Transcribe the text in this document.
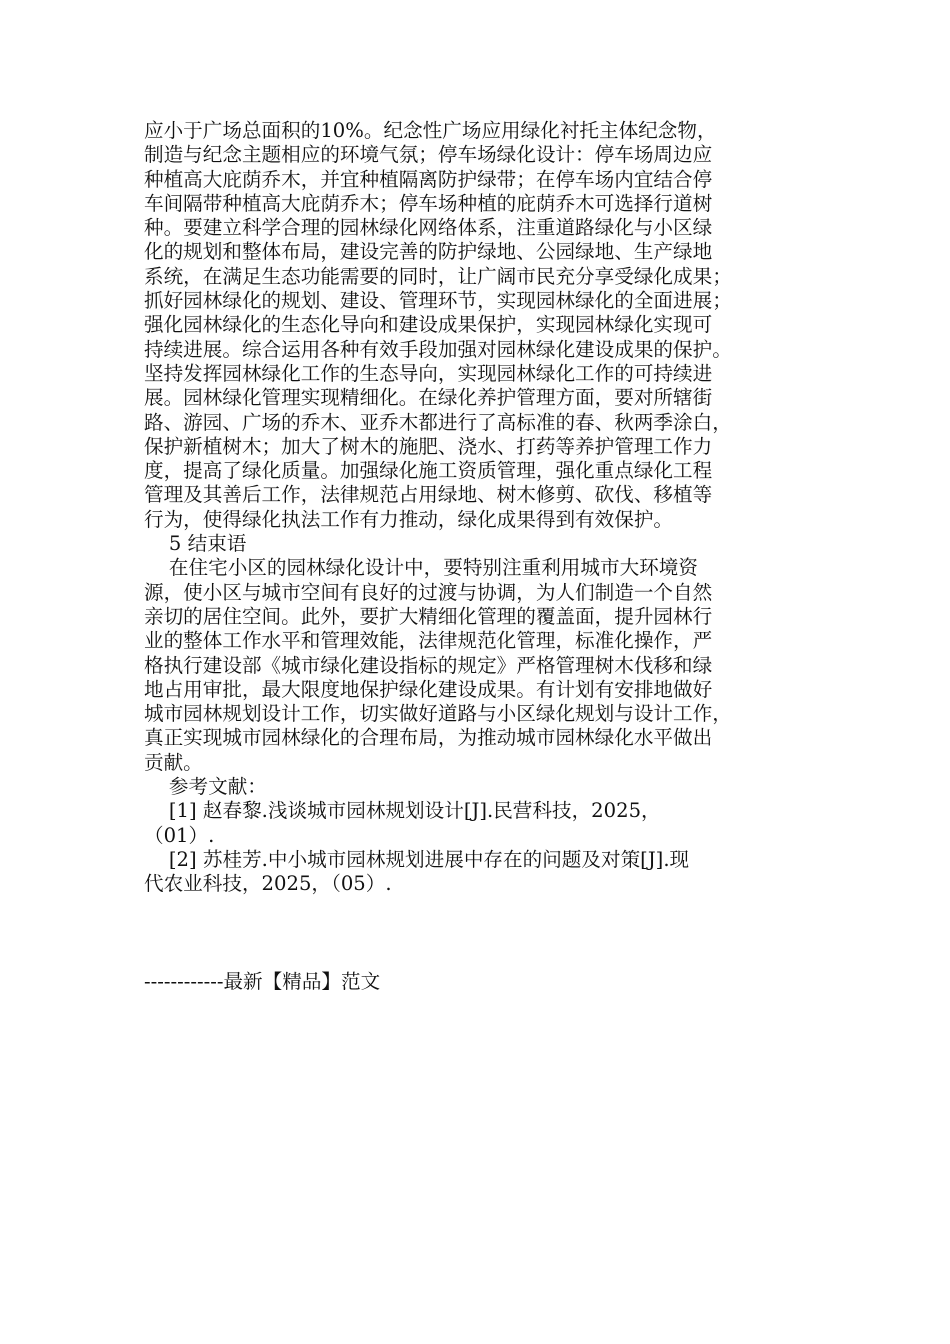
应小于广场总面积的10%。纪念性广场应用绿化衬托主体纪念物，
制造与纪念主题相应的环境气氛；停车场绿化设计：停车场周边应
种植高大庇荫乔木，并宜种植隔离防护绿带；在停车场内宜结合停
车间隔带种植高大庇荫乔木；停车场种植的庇荫乔木可选择行道树
种。要建立科学合理的园林绿化网络体系，注重道路绿化与小区绿
化的规划和整体布局，建设完善的防护绿地、公园绿地、生产绿地
系统，在满足生态功能需要的同时，让广阔市民充分享受绿化成果；
抓好园林绿化的规划、建设、管理环节，实现园林绿化的全面进展；
强化园林绿化的生态化导向和建设成果保护，实现园林绿化实现可
持续进展。综合运用各种有效手段加强对园林绿化建设成果的保护。
坚持发挥园林绿化工作的生态导向，实现园林绿化工作的可持续进
展。园林绿化管理实现精细化。在绿化养护管理方面，要对所辖街
路、游园、广场的乔木、亚乔木都进行了高标准的春、秋两季涂白，
保护新植树木；加大了树木的施肥、浇水、打药等养护管理工作力
度，提高了绿化质量。加强绿化施工资质管理，强化重点绿化工程
管理及其善后工作，法律规范占用绿地、树木修剪、砍伐、移植等
行为，使得绿化执法工作有力推动，绿化成果得到有效保护。
5 结束语
在住宅小区的园林绿化设计中，要特别注重利用城市大环境资
源，使小区与城市空间有良好的过渡与协调，为人们制造一个自然
亲切的居住空间。此外，要扩大精细化管理的覆盖面，提升园林行
业的整体工作水平和管理效能，法律规范化管理，标准化操作，严
格执行建设部《城市绿化建设指标的规定》严格管理树木伐移和绿
地占用审批，最大限度地保护绿化建设成果。有计划有安排地做好
城市园林规划设计工作，切实做好道路与小区绿化规划与设计工作，
真正实现城市园林绿化的合理布局，为推动城市园林绿化水平做出
贡献。
参考文献：
[1] 赵春黎.浅谈城市园林规划设计[J].民营科技，2025，
（01）.
[2] 苏桂芳.中小城市园林规划进展中存在的问题及对策[J].现
代农业科技，2025，（05）.
------------最新【精品】范文
